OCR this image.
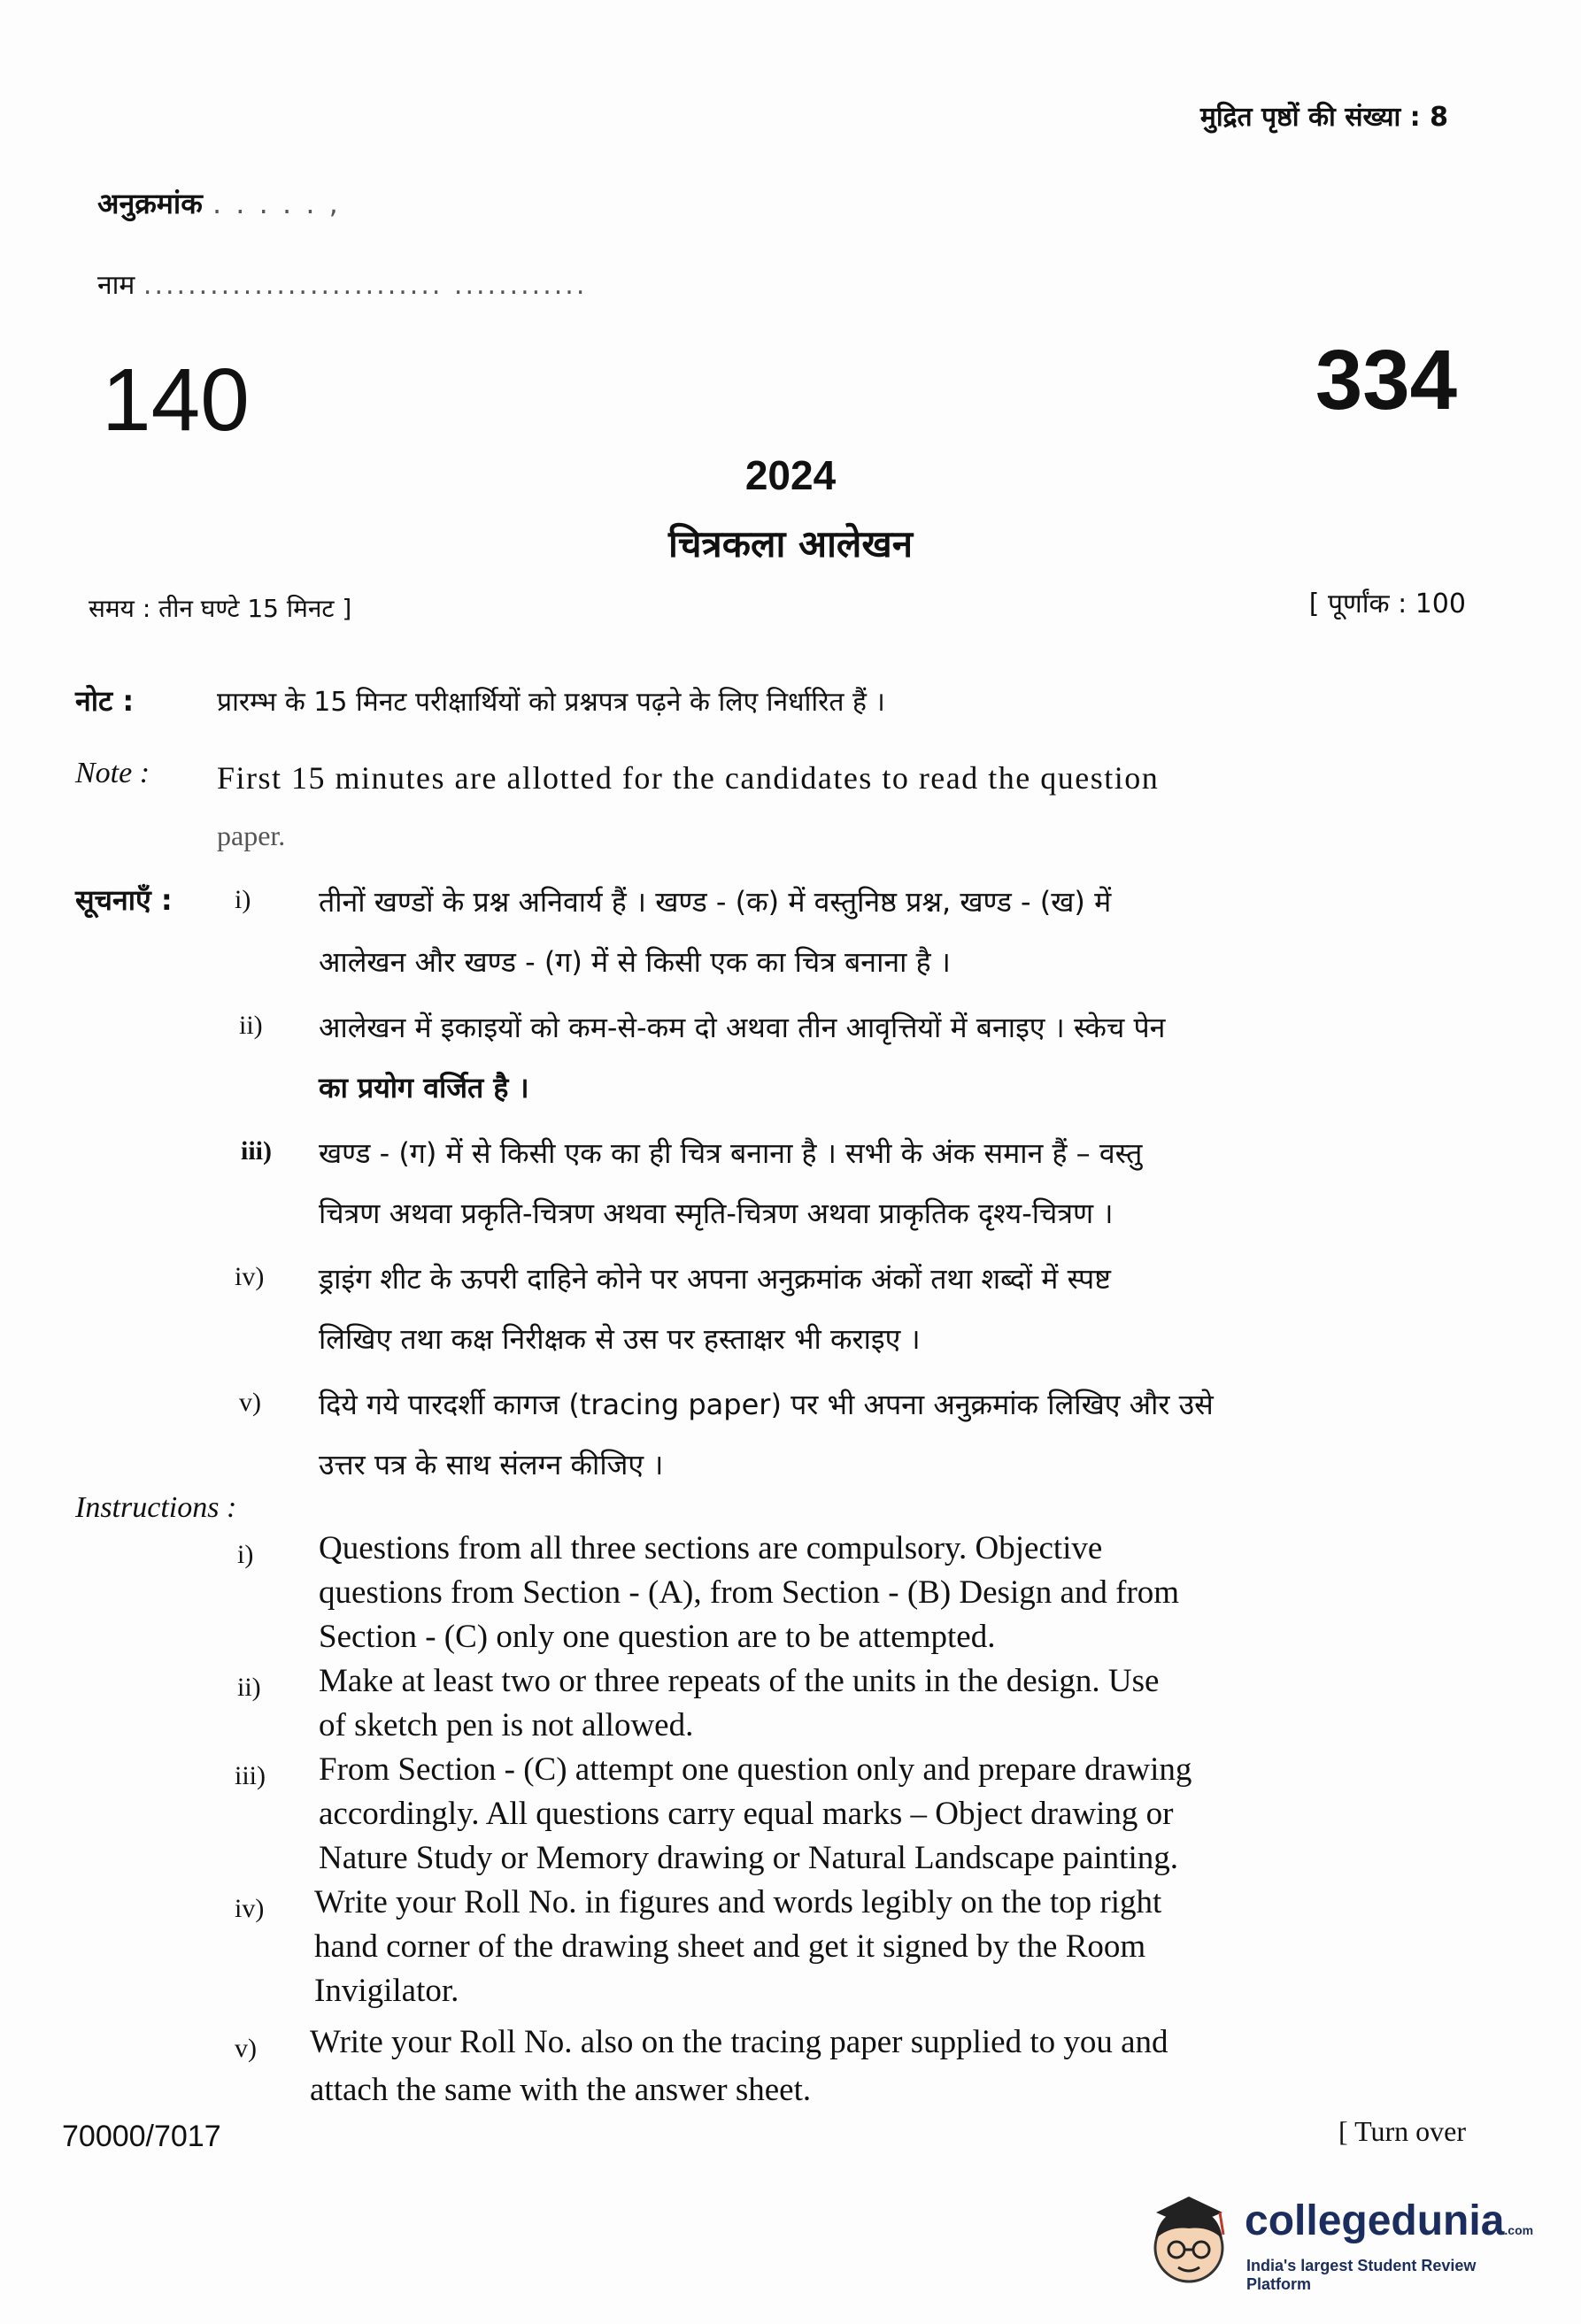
मुद्रित पृष्ठों की संख्या : 8
अनुक्रमांक . . . . . ,
नाम ........................... ............
140	334
2024
चित्रकला आलेखन
समय : तीन घण्टे 15 मिनट ]	[ पूर्णांक : 100
नोट :	प्रारम्भ के 15 मिनट परीक्षार्थियों को प्रश्नपत्र पढ़ने के लिए निर्धारित हैं ।
Note : First 15 minutes are allotted for the candidates to read the question
paper.
सूचनाएँ : i) तीनों खण्डों के प्रश्न अनिवार्य हैं । खण्ड - (क) में वस्तुनिष्ठ प्रश्न, खण्ड - (ख) में
आलेखन और खण्ड - (ग) में से किसी एक का चित्र बनाना है ।
ii) आलेखन में इकाइयों को कम-से-कम दो अथवा तीन आवृत्तियों में बनाइए । स्केच पेन
का प्रयोग वर्जित है ।
iii) खण्ड - (ग) में से किसी एक का ही चित्र बनाना है । सभी के अंक समान हैं – वस्तु
चित्रण अथवा प्रकृति-चित्रण अथवा स्मृति-चित्रण अथवा प्राकृतिक दृश्य-चित्रण ।
iv) ड्राइंग शीट के ऊपरी दाहिने कोने पर अपना अनुक्रमांक अंकों तथा शब्दों में स्पष्ट
लिखिए तथा कक्ष निरीक्षक से उस पर हस्ताक्षर भी कराइए ।
v) दिये गये पारदर्शी कागज (tracing paper) पर भी अपना अनुक्रमांक लिखिए और उसे
उत्तर पत्र के साथ संलग्न कीजिए ।
Instructions :
i) Questions from all three sections are compulsory. Objective
questions from Section - (A), from Section - (B) Design and from
Section - (C) only one question are to be attempted.
ii) Make at least two or three repeats of the units in the design. Use
of sketch pen is not allowed.
iii) From Section - (C) attempt one question only and prepare drawing
accordingly. All questions carry equal marks – Object drawing or
Nature Study or Memory drawing or Natural Landscape painting.
iv) Write your Roll No. in figures and words legibly on the top right
hand corner of the drawing sheet and get it signed by the Room
Invigilator.
v) Write your Roll No. also on the tracing paper supplied to you and
attach the same with the answer sheet.
70000/7017	[ Turn over
collegedunia.com
India's largest Student Review Platform
